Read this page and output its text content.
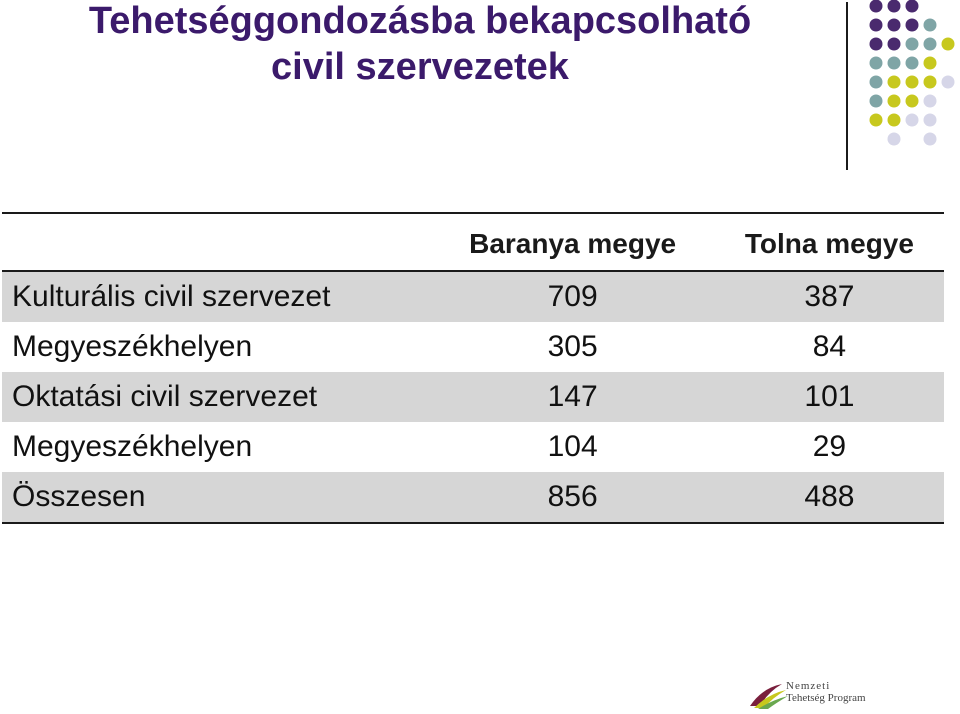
Tehetséggondozásba bekapcsolható
civil szervezetek
	Baranya megye	Tolna megye
Kulturális civil szervezet	709	387
Megyeszékhelyen	305	84
Oktatási civil szervezet	147	101
Megyeszékhelyen	104	29
Összesen	856	488
Nemzeti
Tehetség Program
